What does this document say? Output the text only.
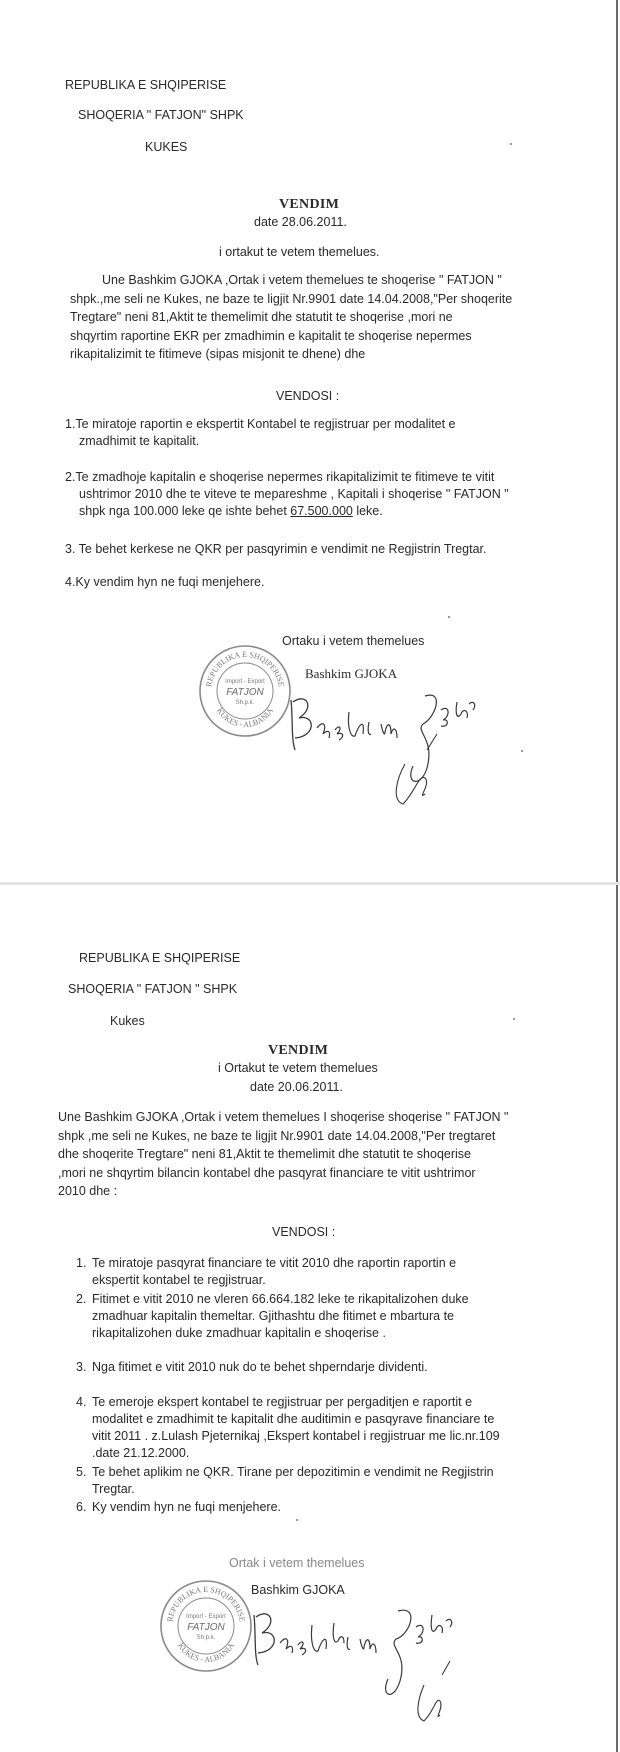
REPUBLIKA E SHQIPERISE
SHOQERIA " FATJON" SHPK
KUKES
VENDIM
date 28.06.2011.
i ortakut te vetem themelues.
Une Bashkim GJOKA ,Ortak i vetem themelues te shoqerise " FATJON "
shpk.,me seli ne Kukes, ne baze te ligjit Nr.9901 date 14.04.2008,"Per shoqerite
Tregtare" neni 81,Aktit te themelimit dhe statutit te shoqerise ,mori ne
shqyrtim raportine EKR per zmadhimin e kapitalit te shoqerise nepermes
rikapitalizimit te fitimeve (sipas misjonit te dhene) dhe
VENDOSI :
1.Te miratoje raportin e ekspertit Kontabel te regjistruar per modalitet e
zmadhimit te kapitalit.
2.Te zmadhoje kapitalin e shoqerise nepermes rikapitalizimit te fitimeve te vitit
ushtrimor 2010 dhe te viteve te mepareshme , Kapitali i shoqerise " FATJON "
shpk nga 100.000 leke qe ishte behet 67.500.000 leke.
3. Te behet kerkese ne QKR per pasqyrimin e vendimit ne Regjistrin Tregtar.
4.Ky vendim hyn ne fuqi menjehere.
Ortaku i vetem themelues
Bashkim GJOKA
REPUBLIKA E SHQIPERISE
KUKES - ALBANIA
Import - Export
FATJON
Sh.p.k.
REPUBLIKA E SHQIPERISE
SHOQERIA " FATJON " SHPK
Kukes
VENDIM
i Ortakut te vetem themelues
date 20.06.2011.
Une Bashkim GJOKA ,Ortak i vetem themelues I shoqerise shoqerise " FATJON "
shpk ,me seli ne Kukes, ne baze te ligjit Nr.9901 date 14.04.2008,"Per tregtaret
dhe shoqerite Tregtare" neni 81,Aktit te themelimit dhe statutit te shoqerise
,mori ne shqyrtim bilancin kontabel dhe pasqyrat financiare te vitit ushtrimor
2010 dhe :
VENDOSI :
1. Te miratoje pasqyrat financiare te vitit 2010 dhe raportin raportin e
ekspertit kontabel te regjistruar.
2. Fitimet e vitit 2010 ne vleren 66.664.182 leke te rikapitalizohen duke
zmadhuar kapitalin themeltar. Gjithashtu dhe fitimet e mbartura te
rikapitalizohen duke zmadhuar kapitalin e shoqerise .
3. Nga fitimet e vitit 2010 nuk do te behet shperndarje dividenti.
4. Te emeroje ekspert kontabel te regjistruar per pergaditjen e raportit e
modalitet e zmadhimit te kapitalit dhe auditimin e pasqyrave financiare te
vitit 2011 . z.Lulash Pjeternikaj ,Ekspert kontabel i regjistruar me lic.nr.109
.date 21.12.2000.
5. Te behet aplikim ne QKR. Tirane per depozitimin e vendimit ne Regjistrin
Tregtar.
6. Ky vendim hyn ne fuqi menjehere.
Ortak i vetem themelues
Bashkim GJOKA
REPUBLIKA E SHQIPERISE
KUKES - ALBANIA
Import - Export
FATJON
Sh.p.k.
